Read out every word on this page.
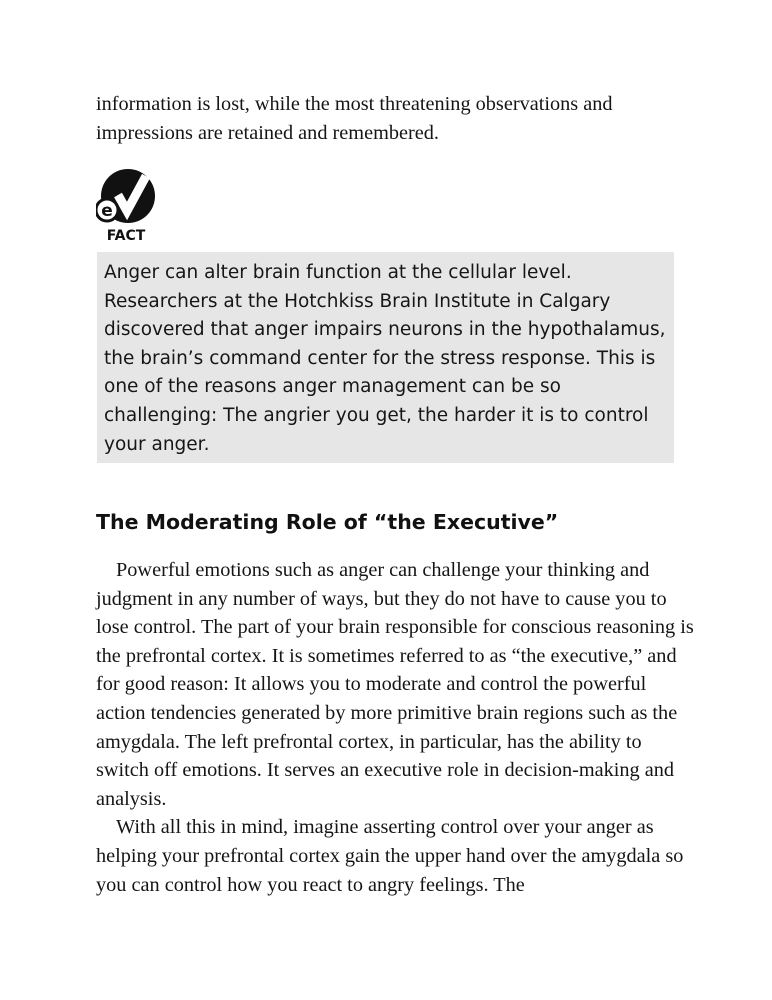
information is lost, while the most threatening observations and impressions are retained and remembered.

e
FACT

Anger can alter brain function at the cellular level. Researchers at the Hotchkiss Brain Institute in Calgary discovered that anger impairs neurons in the hypothalamus, the brain’s command center for the stress response. This is one of the reasons anger management can be so challenging: The angrier you get, the harder it is to control your anger.

The Moderating Role of “the Executive”

Powerful emotions such as anger can challenge your thinking and judgment in any number of ways, but they do not have to cause you to lose control. The part of your brain responsible for conscious reasoning is the prefrontal cortex. It is sometimes referred to as “the executive,” and for good reason: It allows you to moderate and control the powerful action tendencies generated by more primitive brain regions such as the amygdala. The left prefrontal cortex, in particular, has the ability to switch off emotions. It serves an executive role in decision-making and analysis.

With all this in mind, imagine asserting control over your anger as helping your prefrontal cortex gain the upper hand over the amygdala so you can control how you react to angry feelings. The
